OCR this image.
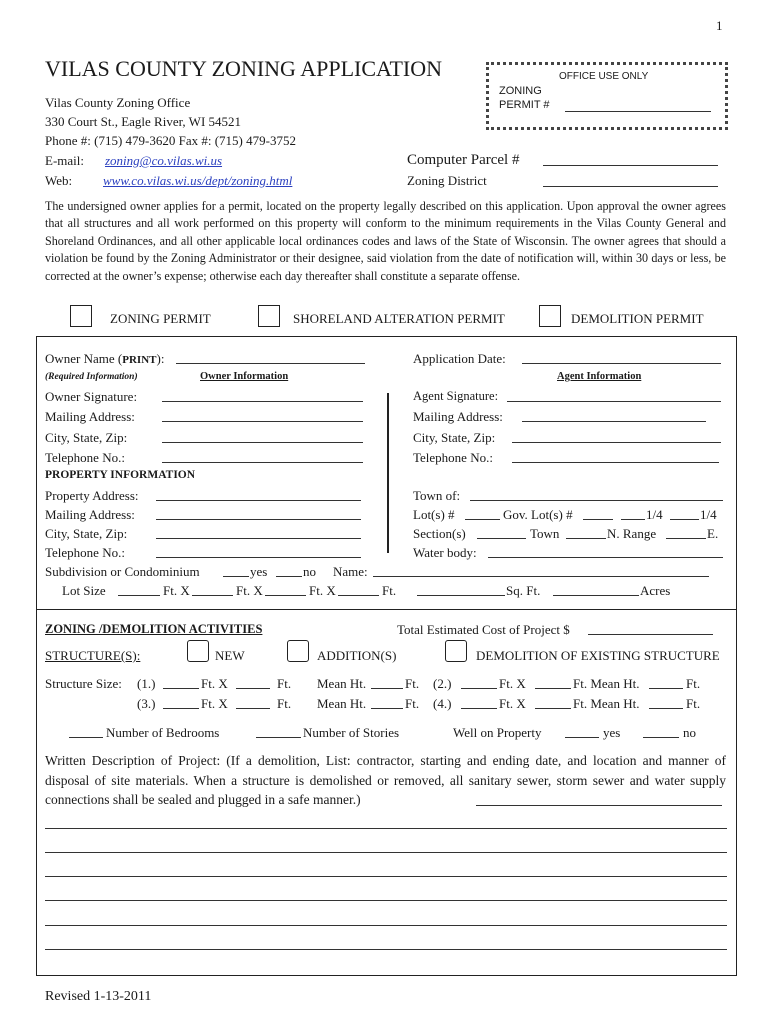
1
VILAS COUNTY ZONING APPLICATION
Vilas County Zoning Office
330 Court St., Eagle River, WI 54521
Phone #: (715) 479-3620 Fax #: (715) 479-3752
E-mail: zoning@co.vilas.wi.us
Web: www.co.vilas.wi.us/dept/zoning.html
OFFICE USE ONLY
ZONING
PERMIT #
Computer Parcel #
Zoning District
The undersigned owner applies for a permit, located on the property legally described on this application. Upon approval the owner agrees that all structures and all work performed on this property will conform to the minimum requirements in the Vilas County General and Shoreland Ordinances, and all other applicable local ordinances codes and laws of the State of Wisconsin. The owner agrees that should a violation be found by the Zoning Administrator or their designee, said violation from the date of notification will, within 30 days or less, be corrected at the owner’s expense; otherwise each day thereafter shall constitute a separate offense.
ZONING PERMIT	SHORELAND ALTERATION PERMIT	DEMOLITION PERMIT
Owner Name (PRINT):	Application Date:
(Required Information)	Owner Information	Agent Information
Owner Signature:	Agent Signature:
Mailing Address:	Mailing Address:
City, State, Zip:	City, State, Zip:
Telephone No.:	Telephone No.:
PROPERTY INFORMATION
Property Address:	Town of:
Mailing Address:	Lot(s) #	Gov. Lot(s) #	1/4	1/4
City, State, Zip:	Section(s)	Town	N. Range	E.
Telephone No.:	Water body:
Subdivision or Condominium	yes	no Name:
Lot Size	Ft. X	Ft. X	Ft. X	Ft.	Sq. Ft.	Acres
ZONING /DEMOLITION ACTIVITIES	Total Estimated Cost of Project $
STRUCTURE(S):	NEW	ADDITION(S)	DEMOLITION OF EXISTING STRUCTURE
Structure Size: (1.)	Ft. X	Ft. Mean Ht.	Ft. (2.)	Ft. X	Ft. Mean Ht.	Ft.
(3.)	Ft. X	Ft. Mean Ht.	Ft. (4.)	Ft. X	Ft. Mean Ht.	Ft.
Number of Bedrooms	Number of Stories	Well on Property	yes	no
Written Description of Project: (If a demolition, List: contractor, starting and ending date, and location and manner of disposal of site materials. When a structure is demolished or removed, all sanitary sewer, storm sewer and water supply connections shall be sealed and plugged in a safe manner.)
Revised 1-13-2011
